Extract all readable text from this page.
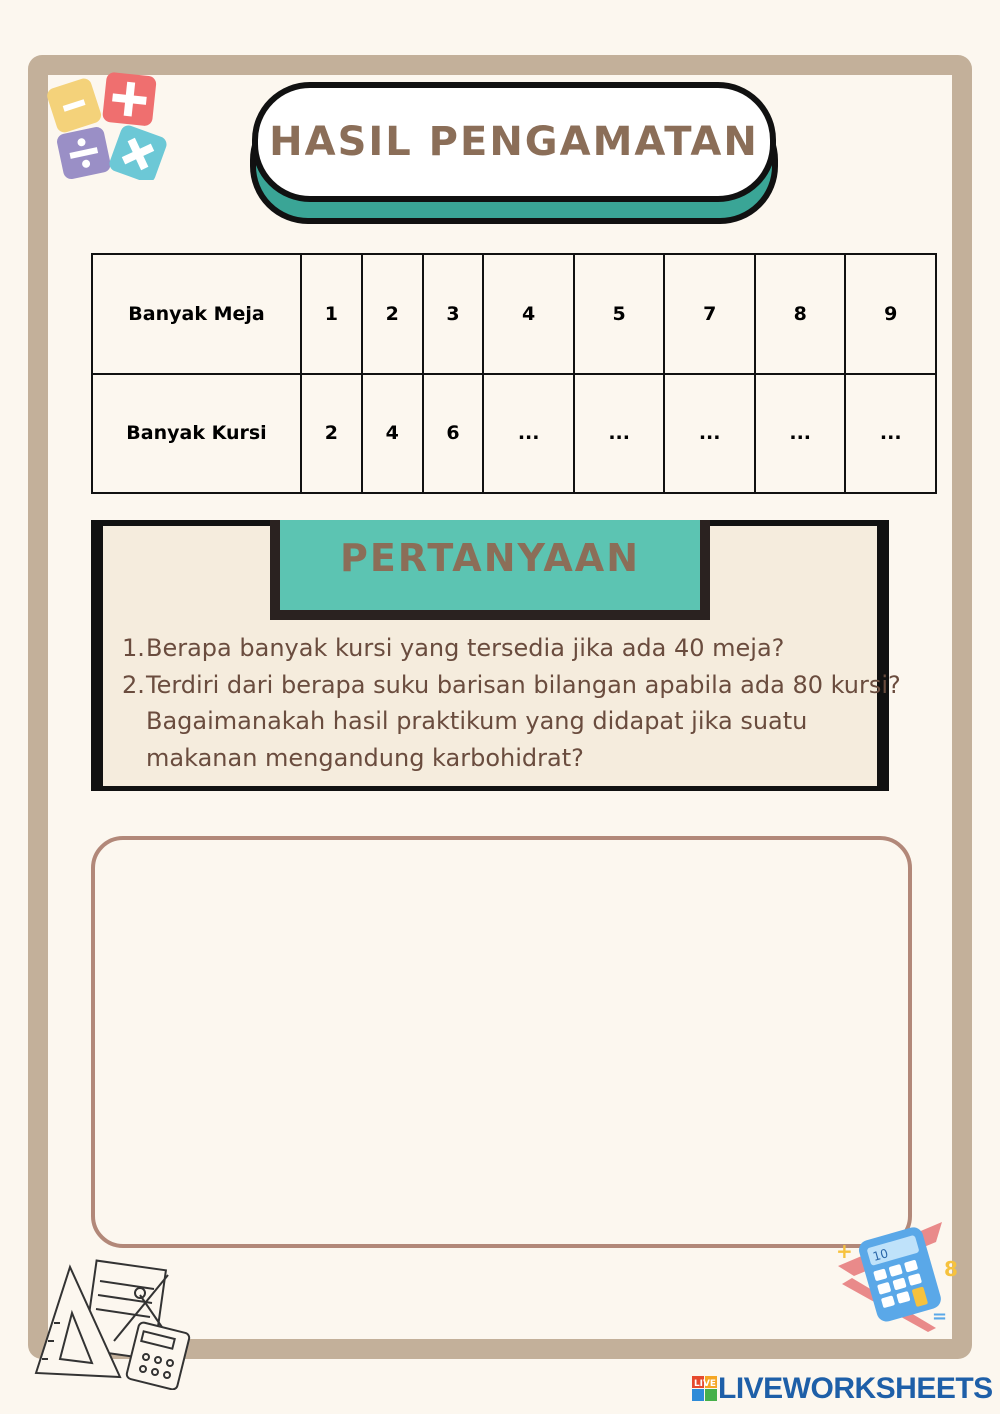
HASIL PENGAMATAN
Banyak Meja	1	2	3	4	5	7	8	9
Banyak Kursi	2	4	6	...	...	...	...	...
PERTANYAAN
1. Berapa banyak kursi yang tersedia jika ada 40 meja?
2. Terdiri dari berapa suku barisan bilangan apabila ada 80 kursi? Bagaimanakah hasil praktikum yang didapat jika suatu makanan mengandung karbohidrat?
10
+
8
=
LIVE LIVEWORKSHEETS
